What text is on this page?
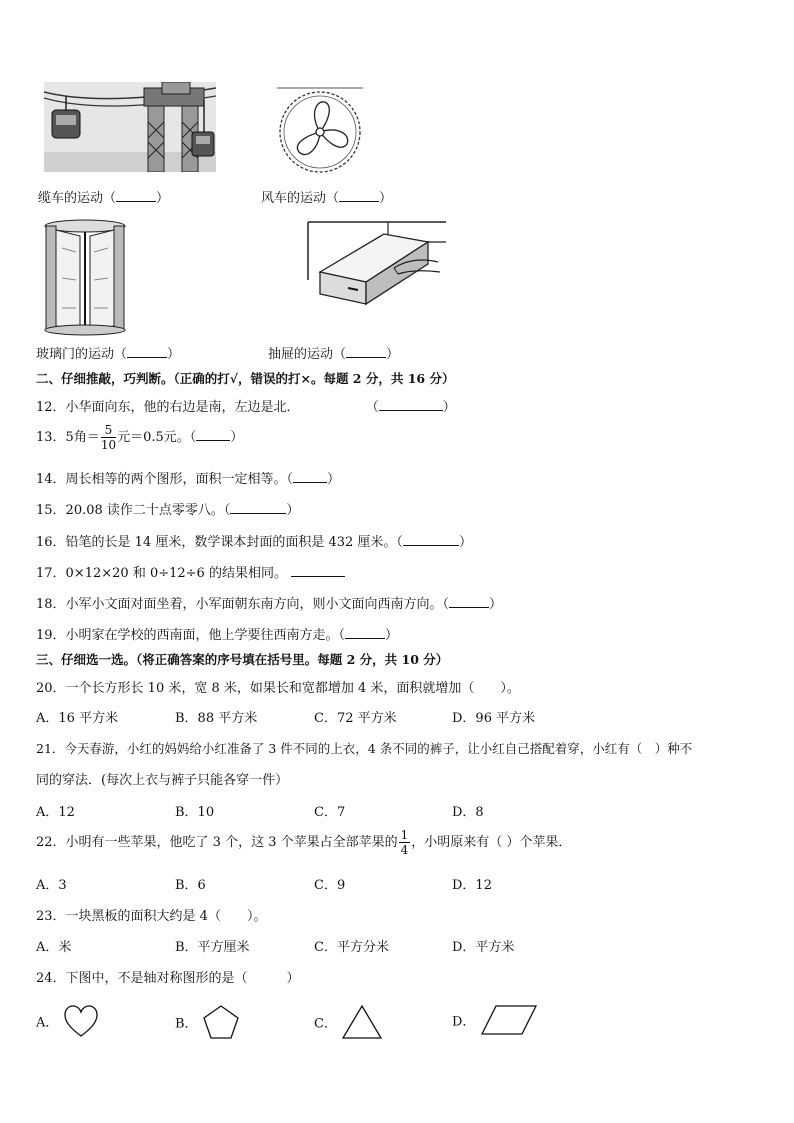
缆车的运动（	）	风车的运动（	）
玻璃门的运动（	）	抽屉的运动（	）
二、仔细推敲，巧判断。（正确的打√，错误的打×。每题 2 分，共 16 分）
12．小华面向东，他的右边是南，左边是北．	（	）
13．5角＝ $\frac{5}{10}$ 元＝0.5元。（	）
14．周长相等的两个图形，面积一定相等。（	）
15．20.08 读作二十点零零八。（	）
16．铅笔的长是 14 厘米，数学课本封面的面积是 432 厘米。（	）
17．0×12×20 和 0÷12÷6 的结果相同。
18．小军小文面对面坐着，小军面朝东南方向，则小文面向西南方向。（	）
19．小明家在学校的西南面，他上学要往西南方走。（	）
三、仔细选一选。（将正确答案的序号填在括号里。每题 2 分，共 10 分）
20．一个长方形长 10 米，宽 8 米，如果长和宽都增加 4 米，面积就增加（　　）。
A．16 平方米	B．88 平方米	C．72 平方米	D．96 平方米
21．今天春游，小红的妈妈给小红准备了 3 件不同的上衣，4 条不同的裤子，让小红自己搭配着穿，小红有（　）种不
同的穿法．(每次上衣与裤子只能各穿一件）
A．12	B．10	C．7	D．8
22．小明有一些苹果，他吃了 3 个，这 3 个苹果占全部苹果的 $\frac{1}{4}$ ，小明原来有（ ）个苹果．
A．3	B．6	C．9	D．12
23．一块黑板的面积大约是 4（　　）。
A．米	B．平方厘米	C．平方分米	D．平方米
24．下图中，不是轴对称图形的是（　　　）
A．	B．	C．	D．
